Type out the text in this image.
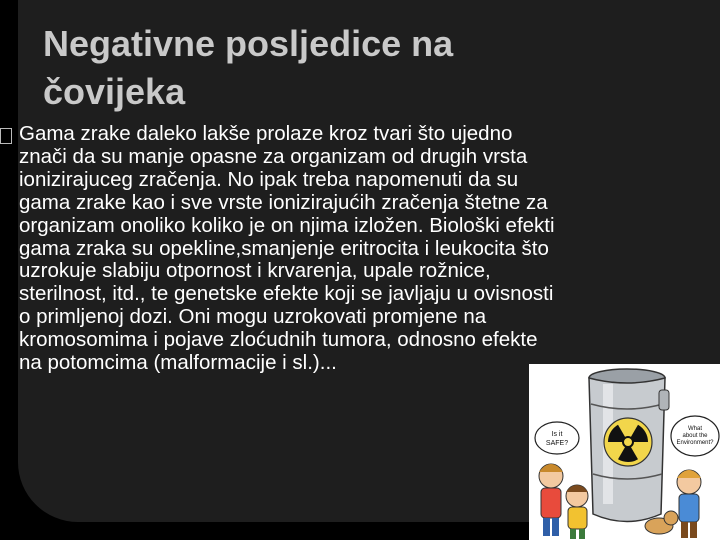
Negativne posljedice na čovijeka

Gama zrake daleko lakše prolaze kroz tvari što ujedno znači da su manje opasne za organizam od drugih vrsta ionizirajuceg zračenja. No ipak treba napomenuti da su gama zrake kao i sve vrste ionizirajućih zračenja štetne za organizam onoliko koliko je on njima izložen. Biološki efekti gama zraka su opekline,smanjenje eritrocita i leukocita što uzrokuje slabiju otpornost i krvarenja, upale rožnice, sterilnost, itd., te genetske efekte koji se javljaju u ovisnosti o primljenoj dozi. Oni mogu uzrokovati promjene na kromosomima i pojave zloćudnih tumora, odnosno efekte na potomcima (malformacije i sl.)...

Is it
SAFE?
What
about the
Environment?
